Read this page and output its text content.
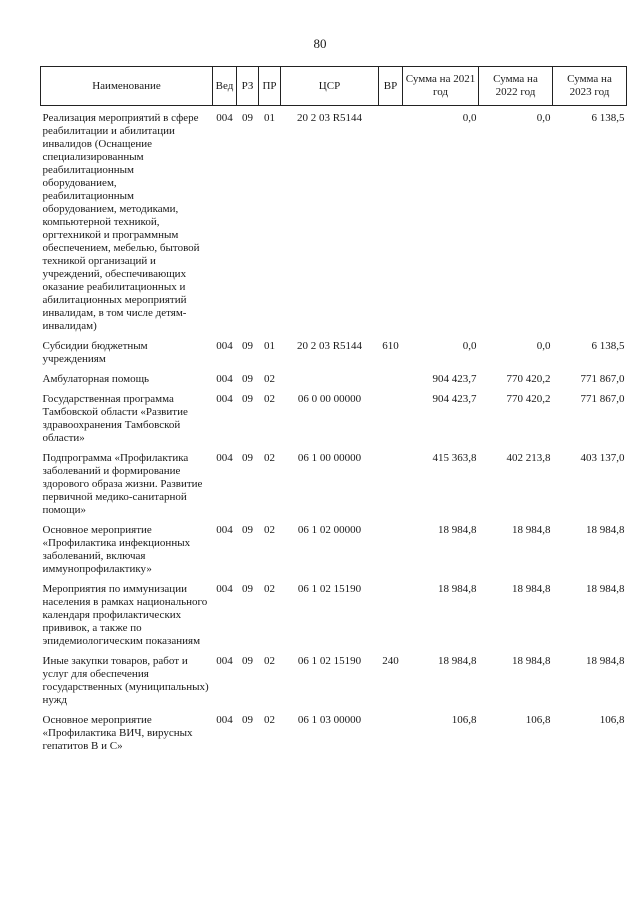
80
Наименование	Вед	РЗ	ПР	ЦСР	ВР	Сумма на 2021 год	Сумма на 2022 год	Сумма на 2023 год
Реализация мероприятий в сфере реабилитации и абилитации инвалидов (Оснащение специализированным реабилитационным оборудованием, реабилитационным оборудованием, методиками, компьютерной техникой, оргтехникой и программным обеспечением, мебелью, бытовой техникой организаций и учреждений, обеспечивающих оказание реабилитационных и абилитационных мероприятий инвалидам, в том числе детям-инвалидам)	004	09	01	20 2 03 R5144		0,0	0,0	6 138,5
Субсидии бюджетным учреждениям	004	09	01	20 2 03 R5144	610	0,0	0,0	6 138,5
Амбулаторная помощь	004	09	02			904 423,7	770 420,2	771 867,0
Государственная программа Тамбовской области «Развитие здравоохранения Тамбовской области»	004	09	02	06 0 00 00000		904 423,7	770 420,2	771 867,0
Подпрограмма «Профилактика заболеваний и формирование здорового образа жизни. Развитие первичной медико-санитарной помощи»	004	09	02	06 1 00 00000		415 363,8	402 213,8	403 137,0
Основное мероприятие «Профилактика инфекционных заболеваний, включая иммунопрофилактику»	004	09	02	06 1 02 00000		18 984,8	18 984,8	18 984,8
Мероприятия по иммунизации населения в рамках национального календаря профилактических прививок, а также по эпидемиологическим показаниям	004	09	02	06 1 02 15190		18 984,8	18 984,8	18 984,8
Иные закупки товаров, работ и услуг для обеспечения государственных (муниципальных) нужд	004	09	02	06 1 02 15190	240	18 984,8	18 984,8	18 984,8
Основное мероприятие «Профилактика ВИЧ, вирусных гепатитов В и С»	004	09	02	06 1 03 00000		106,8	106,8	106,8
